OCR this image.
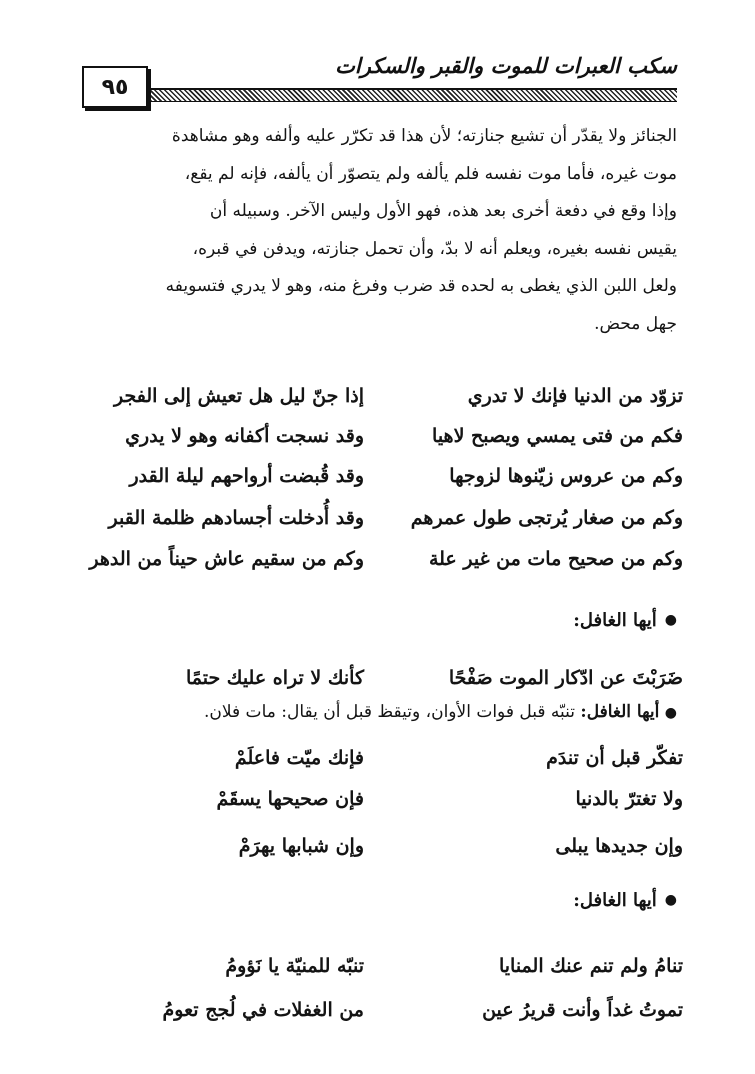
سكب العبرات للموت والقبر والسكرات
٩٥

الجنائز ولا يقدّر أن تشيع جنازته؛ لأن هذا قد تكرّر عليه وألفه وهو مشاهدة

موت غيره، فأما موت نفسه فلم يألفه ولم يتصوّر أن يألفه، فإنه لم يقع،

وإذا وقع في دفعة أخرى بعد هذه، فهو الأول وليس الآخر. وسبيله أن

يقيس نفسه بغيره، ويعلم أنه لا بدّ، وأن تحمل جنازته، ويدفن في قبره،

ولعل اللبن الذي يغطى به لحده قد ضرب وفرغ منه، وهو لا يدري فتسويفه

جهل محض.

تزوّد من الدنيا فإنك لا تدري
إذا جنّ ليل هل تعيش إلى الفجر
فكم من فتى يمسي ويصبح لاهيا
وقد نسجت أكفانه وهو لا يدري
وكم من عروس زيّنوها لزوجها
وقد قُبضت أرواحهم ليلة القدر
وكم من صغار يُرتجى طول عمرهم
وقد أُدخلت أجسادهم ظلمة القبر
وكم من صحيح مات من غير علة
وكم من سقيم عاش حيناً من الدهر
●
أيها الغافل:
ضَرَبْتَ عن ادّكار الموت صَفْحًا
كأنك لا تراه عليك حتمًا
● أيها الغافل: تنبّه قبل فوات الأوان، وتيقظ قبل أن يقال: مات فلان.
تفكّر قبل أن تندَم
فإنك ميّت فاعلَمْ
ولا تغترّ بالدنيا
فإن صحيحها يسقَمْ
وإن جديدها يبلى
وإن شبابها يهرَمْ
●
أيها الغافل:
تنامُ ولم تنم عنك المنايا
تنبّه للمنيّة يا نَؤومُ
تموتُ غداً وأنت قريرُ عين
من الغفلات في لُجج تعومُ
